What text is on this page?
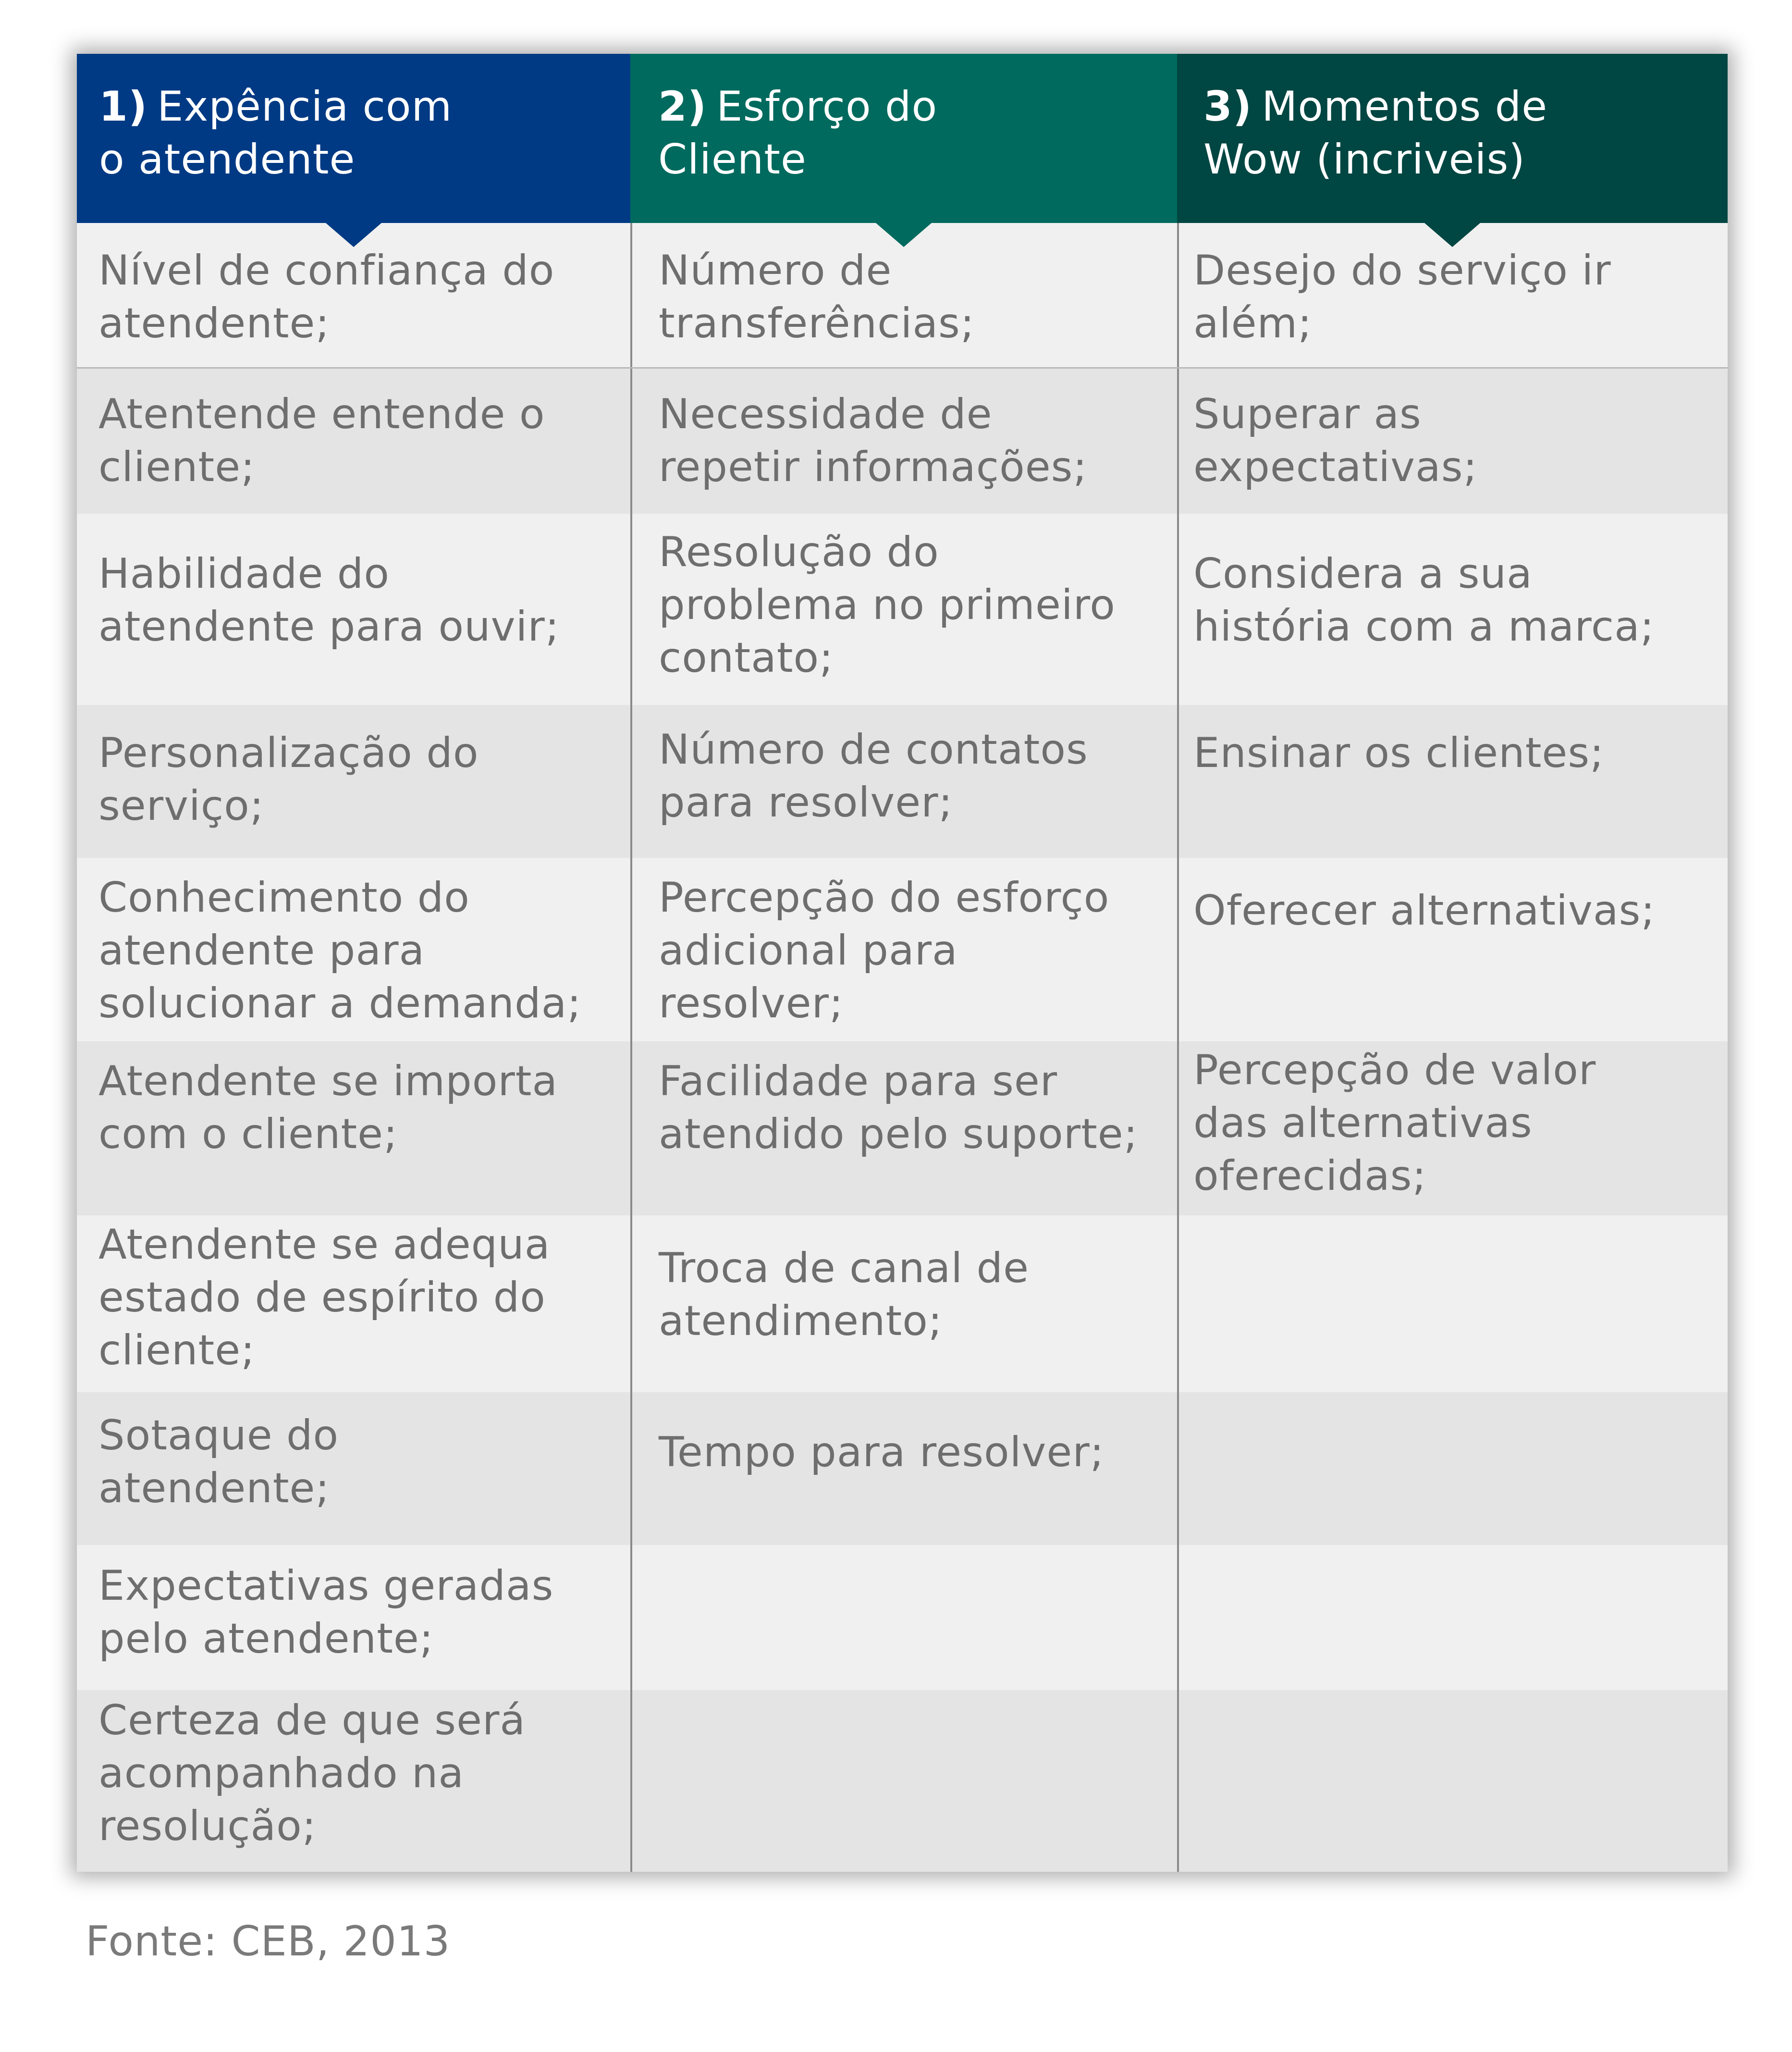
1) Expência com
o atendente
2) Esforço do
Cliente
3) Momentos de
Wow (incriveis)
Nível de confiança do
atendente;
Número de
transferências;
Desejo do serviço ir
além;
Atentende entende o
cliente;
Necessidade de
repetir informações;
Superar as
expectativas;
Habilidade do
atendente para ouvir;
Resolução do
problema no primeiro
contato;
Considera a sua
história com a marca;
Personalização do
serviço;
Número de contatos
para resolver;
Ensinar os clientes;
Conhecimento do
atendente para
solucionar a demanda;
Percepção do esforço
adicional para
resolver;
Oferecer alternativas;
Atendente se importa
com o cliente;
Facilidade para ser
atendido pelo suporte;
Percepção de valor
das alternativas
oferecidas;
Atendente se adequa
estado de espírito do
cliente;
Troca de canal de
atendimento;
Sotaque do
atendente;
Tempo para resolver;
Expectativas geradas
pelo atendente;
Certeza de que será
acompanhado na
resolução;
Fonte: CEB, 2013
